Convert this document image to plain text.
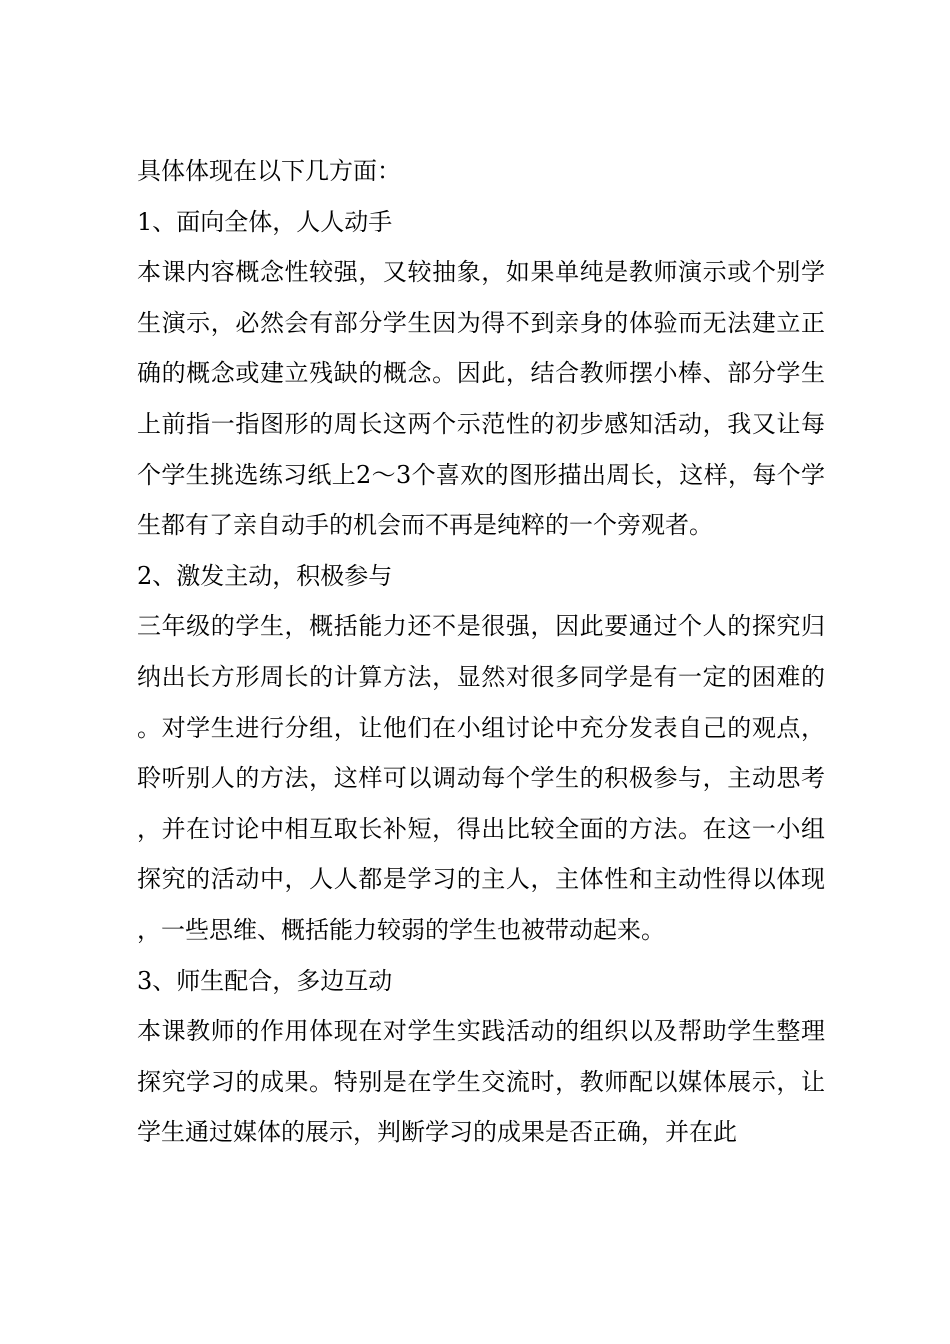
具体体现在以下几方面：

1、面向全体，人人动手

本课内容概念性较强，又较抽象，如果单纯是教师演示或个别学生演示，必然会有部分学生因为得不到亲身的体验而无法建立正确的概念或建立残缺的概念。因此，结合教师摆小棒、部分学生上前指一指图形的周长这两个示范性的初步感知活动，我又让每个学生挑选练习纸上2～3个喜欢的图形描出周长，这样，每个学生都有了亲自动手的机会而不再是纯粹的一个旁观者。

2、激发主动，积极参与

三年级的学生，概括能力还不是很强，因此要通过个人的探究归纳出长方形周长的计算方法，显然对很多同学是有一定的困难的。对学生进行分组，让他们在小组讨论中充分发表自己的观点，聆听别人的方法，这样可以调动每个学生的积极参与，主动思考，并在讨论中相互取长补短，得出比较全面的方法。在这一小组探究的活动中，人人都是学习的主人，主体性和主动性得以体现，一些思维、概括能力较弱的学生也被带动起来。

3、师生配合，多边互动

本课教师的作用体现在对学生实践活动的组织以及帮助学生整理探究学习的成果。特别是在学生交流时，教师配以媒体展示，让学生通过媒体的展示，判断学习的成果是否正确，并在此
